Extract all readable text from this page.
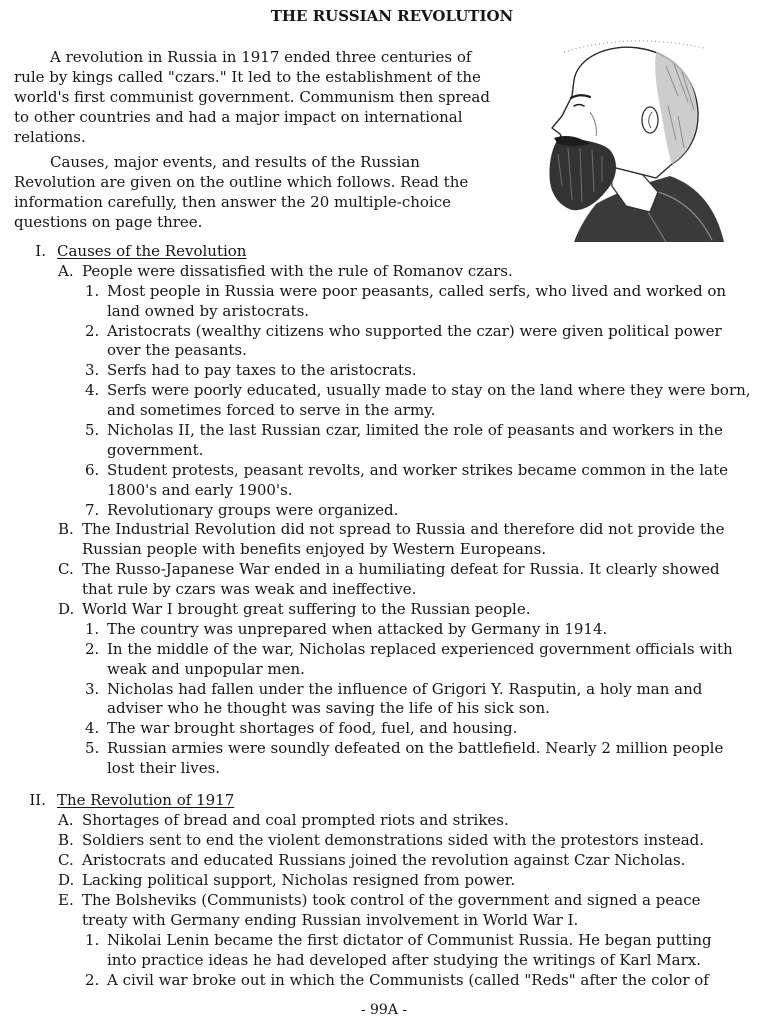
THE RUSSIAN REVOLUTION
A revolution in Russia in 1917 ended three centuries of
rule by kings called "czars." It led to the establishment of the
world's first communist government. Communism then spread
to other countries and had a major impact on international
relations.
Causes, major events, and results of the Russian
Revolution are given on the outline which follows. Read the
information carefully, then answer the 20 multiple-choice
questions on page three.
I. Causes of the Revolution
A. People were dissatisfied with the rule of Romanov czars.
1. Most people in Russia were poor peasants, called serfs, who lived and worked on
land owned by aristocrats.
2. Aristocrats (wealthy citizens who supported the czar) were given political power
over the peasants.
3. Serfs had to pay taxes to the aristocrats.
4. Serfs were poorly educated, usually made to stay on the land where they were born,
and sometimes forced to serve in the army.
5. Nicholas II, the last Russian czar, limited the role of peasants and workers in the
government.
6. Student protests, peasant revolts, and worker strikes became common in the late
1800's and early 1900's.
7. Revolutionary groups were organized.
B. The Industrial Revolution did not spread to Russia and therefore did not provide the
Russian people with benefits enjoyed by Western Europeans.
C. The Russo-Japanese War ended in a humiliating defeat for Russia. It clearly showed
that rule by czars was weak and ineffective.
D. World War I brought great suffering to the Russian people.
1. The country was unprepared when attacked by Germany in 1914.
2. In the middle of the war, Nicholas replaced experienced government officials with
weak and unpopular men.
3. Nicholas had fallen under the influence of Grigori Y. Rasputin, a holy man and
adviser who he thought was saving the life of his sick son.
4. The war brought shortages of food, fuel, and housing.
5. Russian armies were soundly defeated on the battlefield. Nearly 2 million people
lost their lives.
II. The Revolution of 1917
A. Shortages of bread and coal prompted riots and strikes.
B. Soldiers sent to end the violent demonstrations sided with the protestors instead.
C. Aristocrats and educated Russians joined the revolution against Czar Nicholas.
D. Lacking political support, Nicholas resigned from power.
E. The Bolsheviks (Communists) took control of the government and signed a peace
treaty with Germany ending Russian involvement in World War I.
1. Nikolai Lenin became the first dictator of Communist Russia. He began putting
into practice ideas he had developed after studying the writings of Karl Marx.
2. A civil war broke out in which the Communists (called "Reds" after the color of
- 99A -
